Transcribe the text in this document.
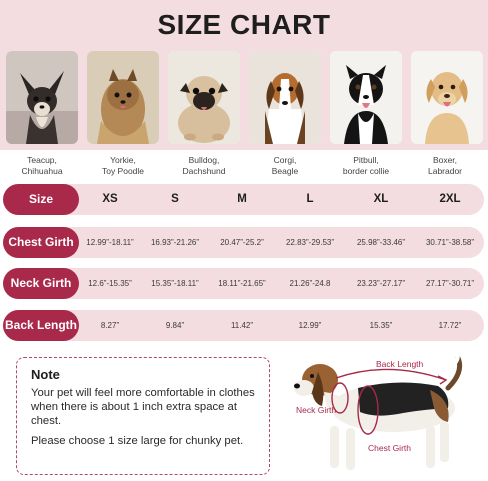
SIZE CHART
Teacup,
Chihuahua
Yorkie,
Toy Poodle
Bulldog,
Dachshund
Corgi,
Beagle
Pitbull,
border collie
Boxer,
Labrador
Size	XS	S	M	L	XL	2XL
Chest Girth	12.99”-18.11”	16.93”-21.26”	20.47”-25.2”	22.83”-29.53”	25.98”-33.46”	30.71”-38.58”
Neck Girth	12.6”-15.35”	15.35”-18.11”	18.11”-21.65”	21.26”-24.8	23.23”-27.17”	27.17”-30.71”
Back Length	8.27”	9.84”	11.42”	12.99”	15.35”	17.72”
Note
Your pet will feel more comfortable in clothes when there is about 1 inch extra space at chest.
Please choose 1 size large for chunky pet.
Back Length
Neck Girth
Chest Girth
